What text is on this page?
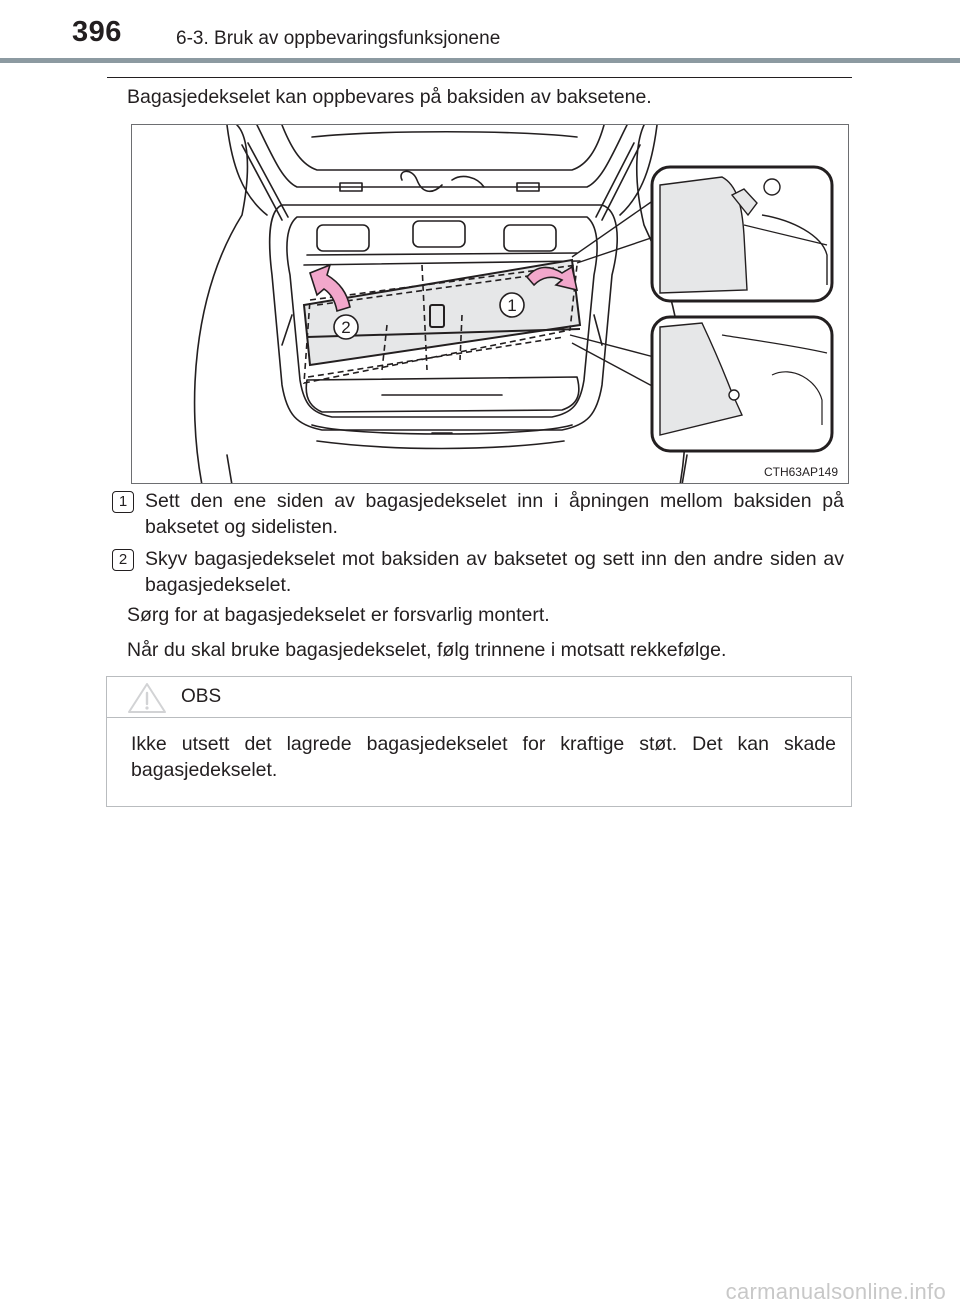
396	6-3. Bruk av oppbevaringsfunksjonene
Bagasjedekselet kan oppbevares på baksiden av baksetene.
2
1
CTH63AP149
1 Sett den ene siden av bagasjedekselet inn i åpningen mellom baksiden på baksetet og sidelisten.
2 Skyv bagasjedekselet mot baksiden av baksetet og sett inn den andre siden av bagasjedekselet.
Sørg for at bagasjedekselet er forsvarlig montert.
Når du skal bruke bagasjedekselet, følg trinnene i motsatt rekkefølge.
OBS
Ikke utsett det lagrede bagasjedekselet for kraftige støt. Det kan skade bagasjedekselet.
carmanualsonline.info
